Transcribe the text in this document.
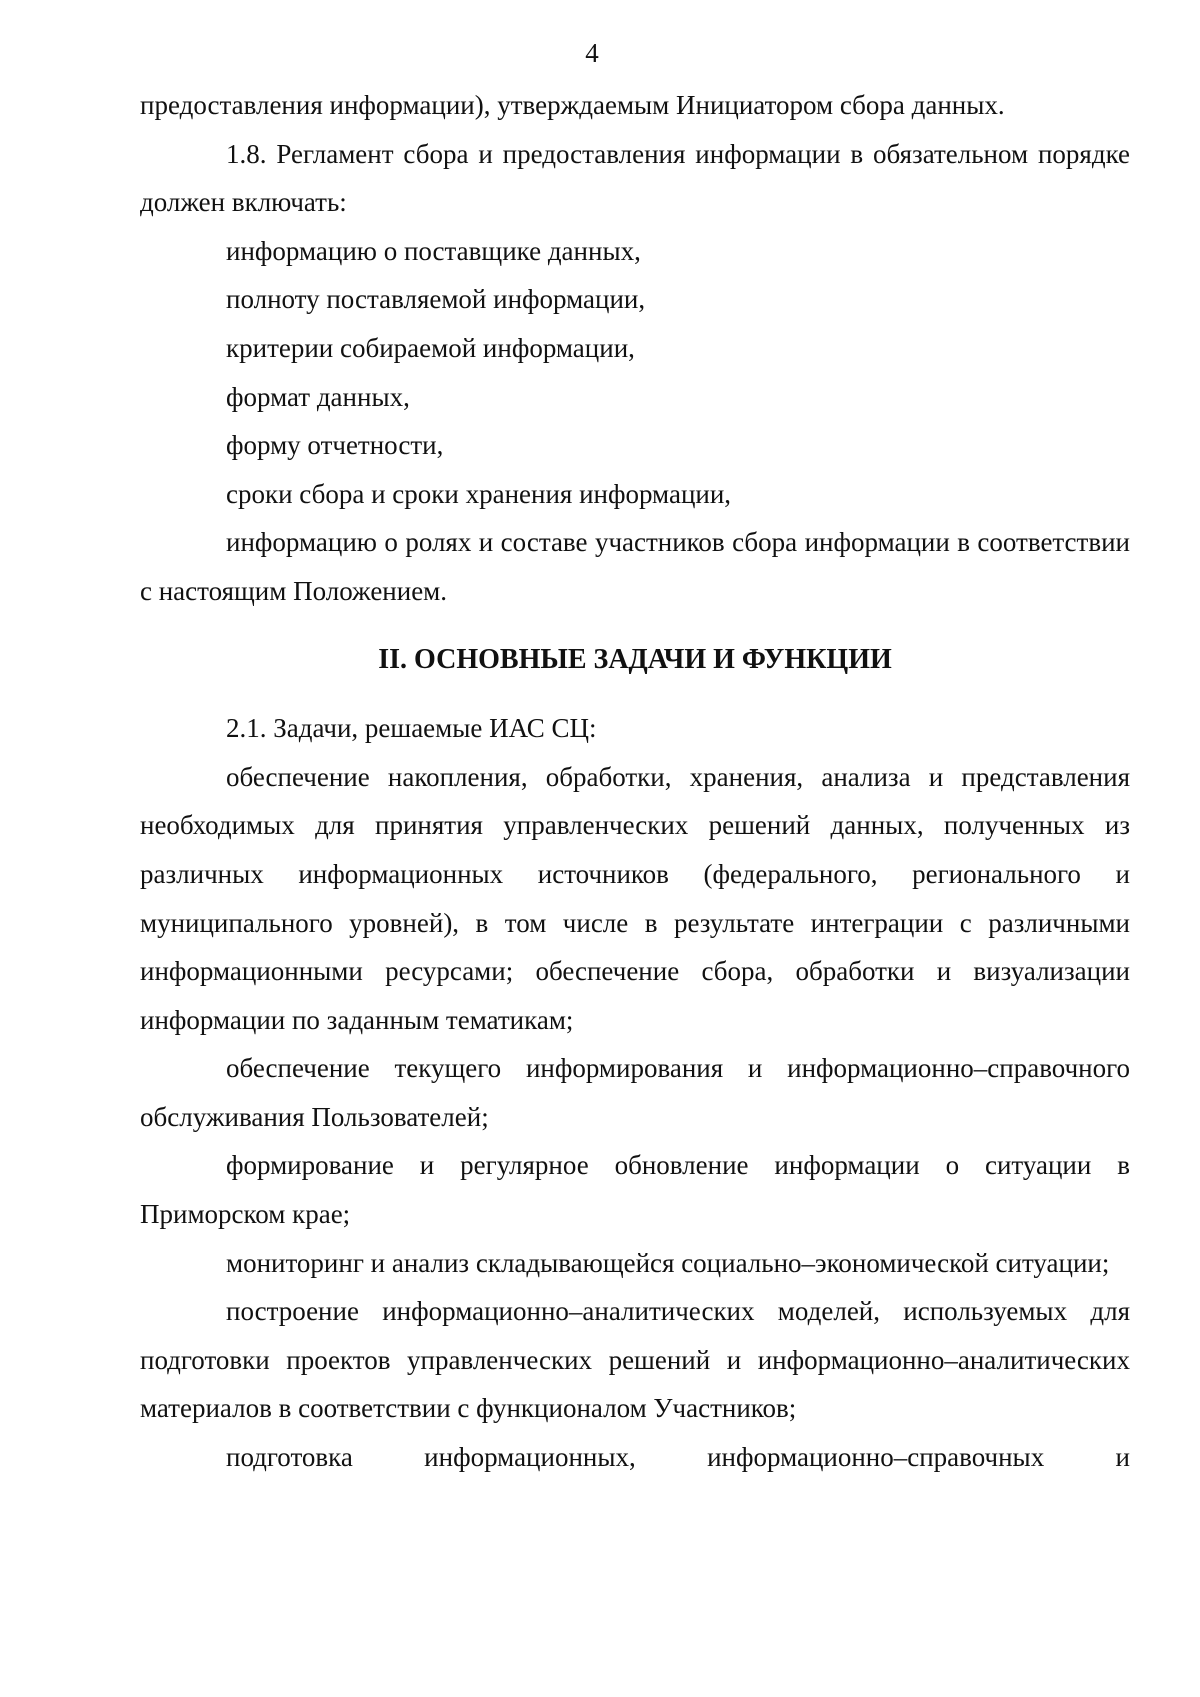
4

предоставления информации), утверждаемым Инициатором сбора данных.

1.8. Регламент сбора и предоставления информации в обязательном порядке должен включать:

информацию о поставщике данных,

полноту поставляемой информации,

критерии собираемой информации,

формат данных,

форму отчетности,

сроки сбора и сроки хранения информации,

информацию о ролях и составе участников сбора информации в соответствии с настоящим Положением.

II. ОСНОВНЫЕ ЗАДАЧИ И ФУНКЦИИ

2.1. Задачи, решаемые ИАС СЦ:

обеспечение накопления, обработки, хранения, анализа и представления необходимых для принятия управленческих решений данных, полученных из различных информационных источников (федерального, регионального и муниципального уровней), в том числе в результате интеграции с различными информационными ресурсами; обеспечение сбора, обработки и визуализации информации по заданным тематикам;

обеспечение текущего информирования и информационно–справочного обслуживания Пользователей;

формирование и регулярное обновление информации о ситуации в Приморском крае;

мониторинг и анализ складывающейся социально–экономической ситуации;

построение информационно–аналитических моделей, используемых для подготовки проектов управленческих решений и информационно–аналитических материалов в соответствии с функционалом Участников;

подготовка информационных, информационно–справочных и
